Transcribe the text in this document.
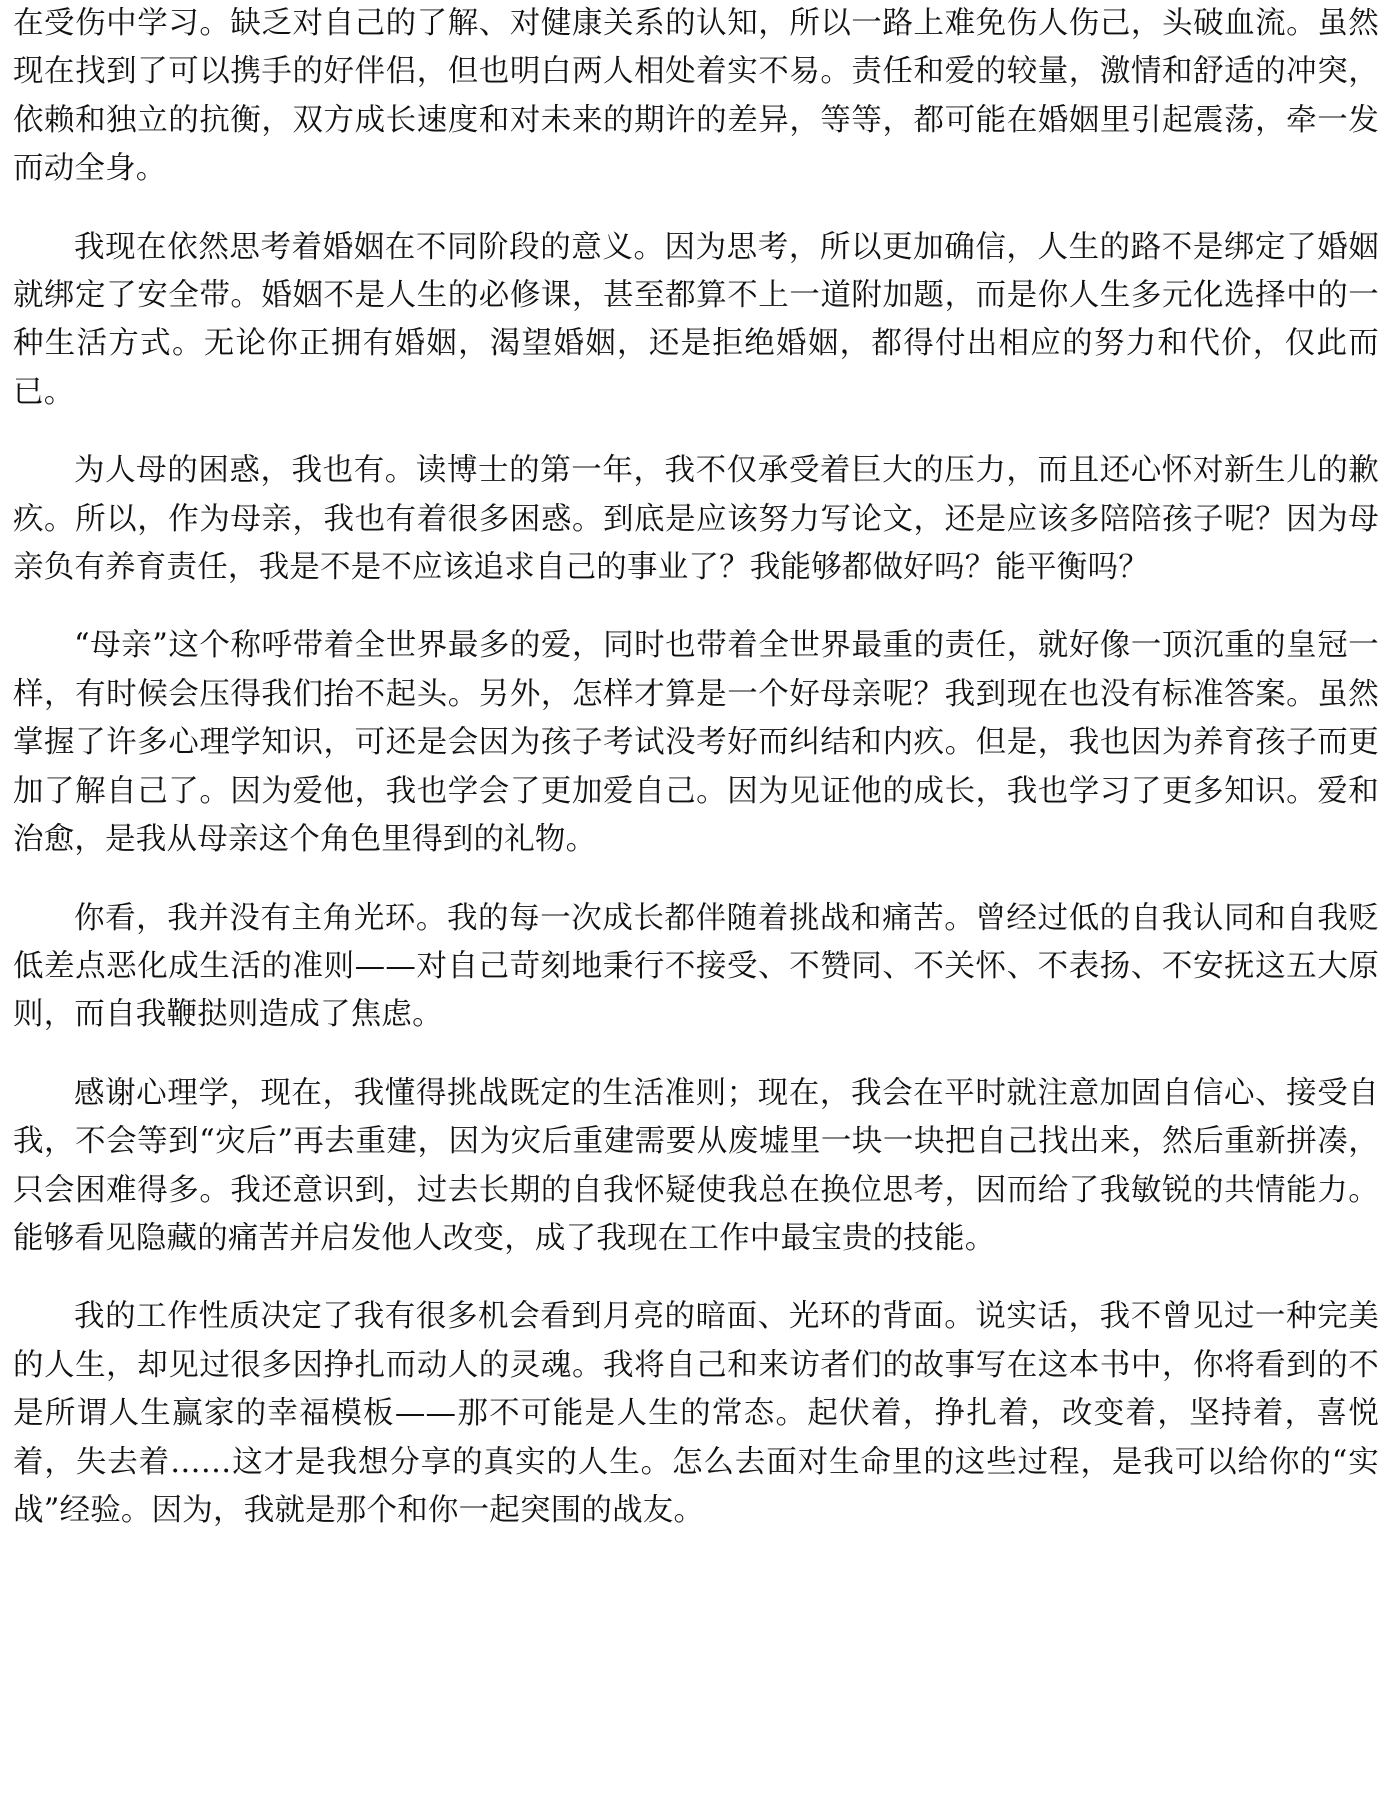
在受伤中学习。缺乏对自己的了解、对健康关系的认知，所以一路上难免伤人伤己，头破血流。虽然现在找到了可以携手的好伴侣，但也明白两人相处着实不易。责任和爱的较量，激情和舒适的冲突，依赖和独立的抗衡，双方成长速度和对未来的期许的差异，等等，都可能在婚姻里引起震荡，牵一发而动全身。

我现在依然思考着婚姻在不同阶段的意义。因为思考，所以更加确信，人生的路不是绑定了婚姻就绑定了安全带。婚姻不是人生的必修课，甚至都算不上一道附加题，而是你人生多元化选择中的一种生活方式。无论你正拥有婚姻，渴望婚姻，还是拒绝婚姻，都得付出相应的努力和代价，仅此而已。

为人母的困惑，我也有。读博士的第一年，我不仅承受着巨大的压力，而且还心怀对新生儿的歉疚。所以，作为母亲，我也有着很多困惑。到底是应该努力写论文，还是应该多陪陪孩子呢？因为母亲负有养育责任，我是不是不应该追求自己的事业了？我能够都做好吗？能平衡吗？

“母亲”这个称呼带着全世界最多的爱，同时也带着全世界最重的责任，就好像一顶沉重的皇冠一样，有时候会压得我们抬不起头。另外，怎样才算是一个好母亲呢？我到现在也没有标准答案。虽然掌握了许多心理学知识，可还是会因为孩子考试没考好而纠结和内疚。但是，我也因为养育孩子而更加了解自己了。因为爱他，我也学会了更加爱自己。因为见证他的成长，我也学习了更多知识。爱和治愈，是我从母亲这个角色里得到的礼物。

你看，我并没有主角光环。我的每一次成长都伴随着挑战和痛苦。曾经过低的自我认同和自我贬低差点恶化成生活的准则——对自己苛刻地秉行不接受、不赞同、不关怀、不表扬、不安抚这五大原则，而自我鞭挞则造成了焦虑。

感谢心理学，现在，我懂得挑战既定的生活准则；现在，我会在平时就注意加固自信心、接受自我，不会等到“灾后”再去重建，因为灾后重建需要从废墟里一块一块把自己找出来，然后重新拼凑，只会困难得多。我还意识到，过去长期的自我怀疑使我总在换位思考，因而给了我敏锐的共情能力。能够看见隐藏的痛苦并启发他人改变，成了我现在工作中最宝贵的技能。

我的工作性质决定了我有很多机会看到月亮的暗面、光环的背面。说实话，我不曾见过一种完美的人生，却见过很多因挣扎而动人的灵魂。我将自己和来访者们的故事写在这本书中，你将看到的不是所谓人生赢家的幸福模板——那不可能是人生的常态。起伏着，挣扎着，改变着，坚持着，喜悦着，失去着……这才是我想分享的真实的人生。怎么去面对生命里的这些过程，是我可以给你的“实战”经验。因为，我就是那个和你一起突围的战友。
